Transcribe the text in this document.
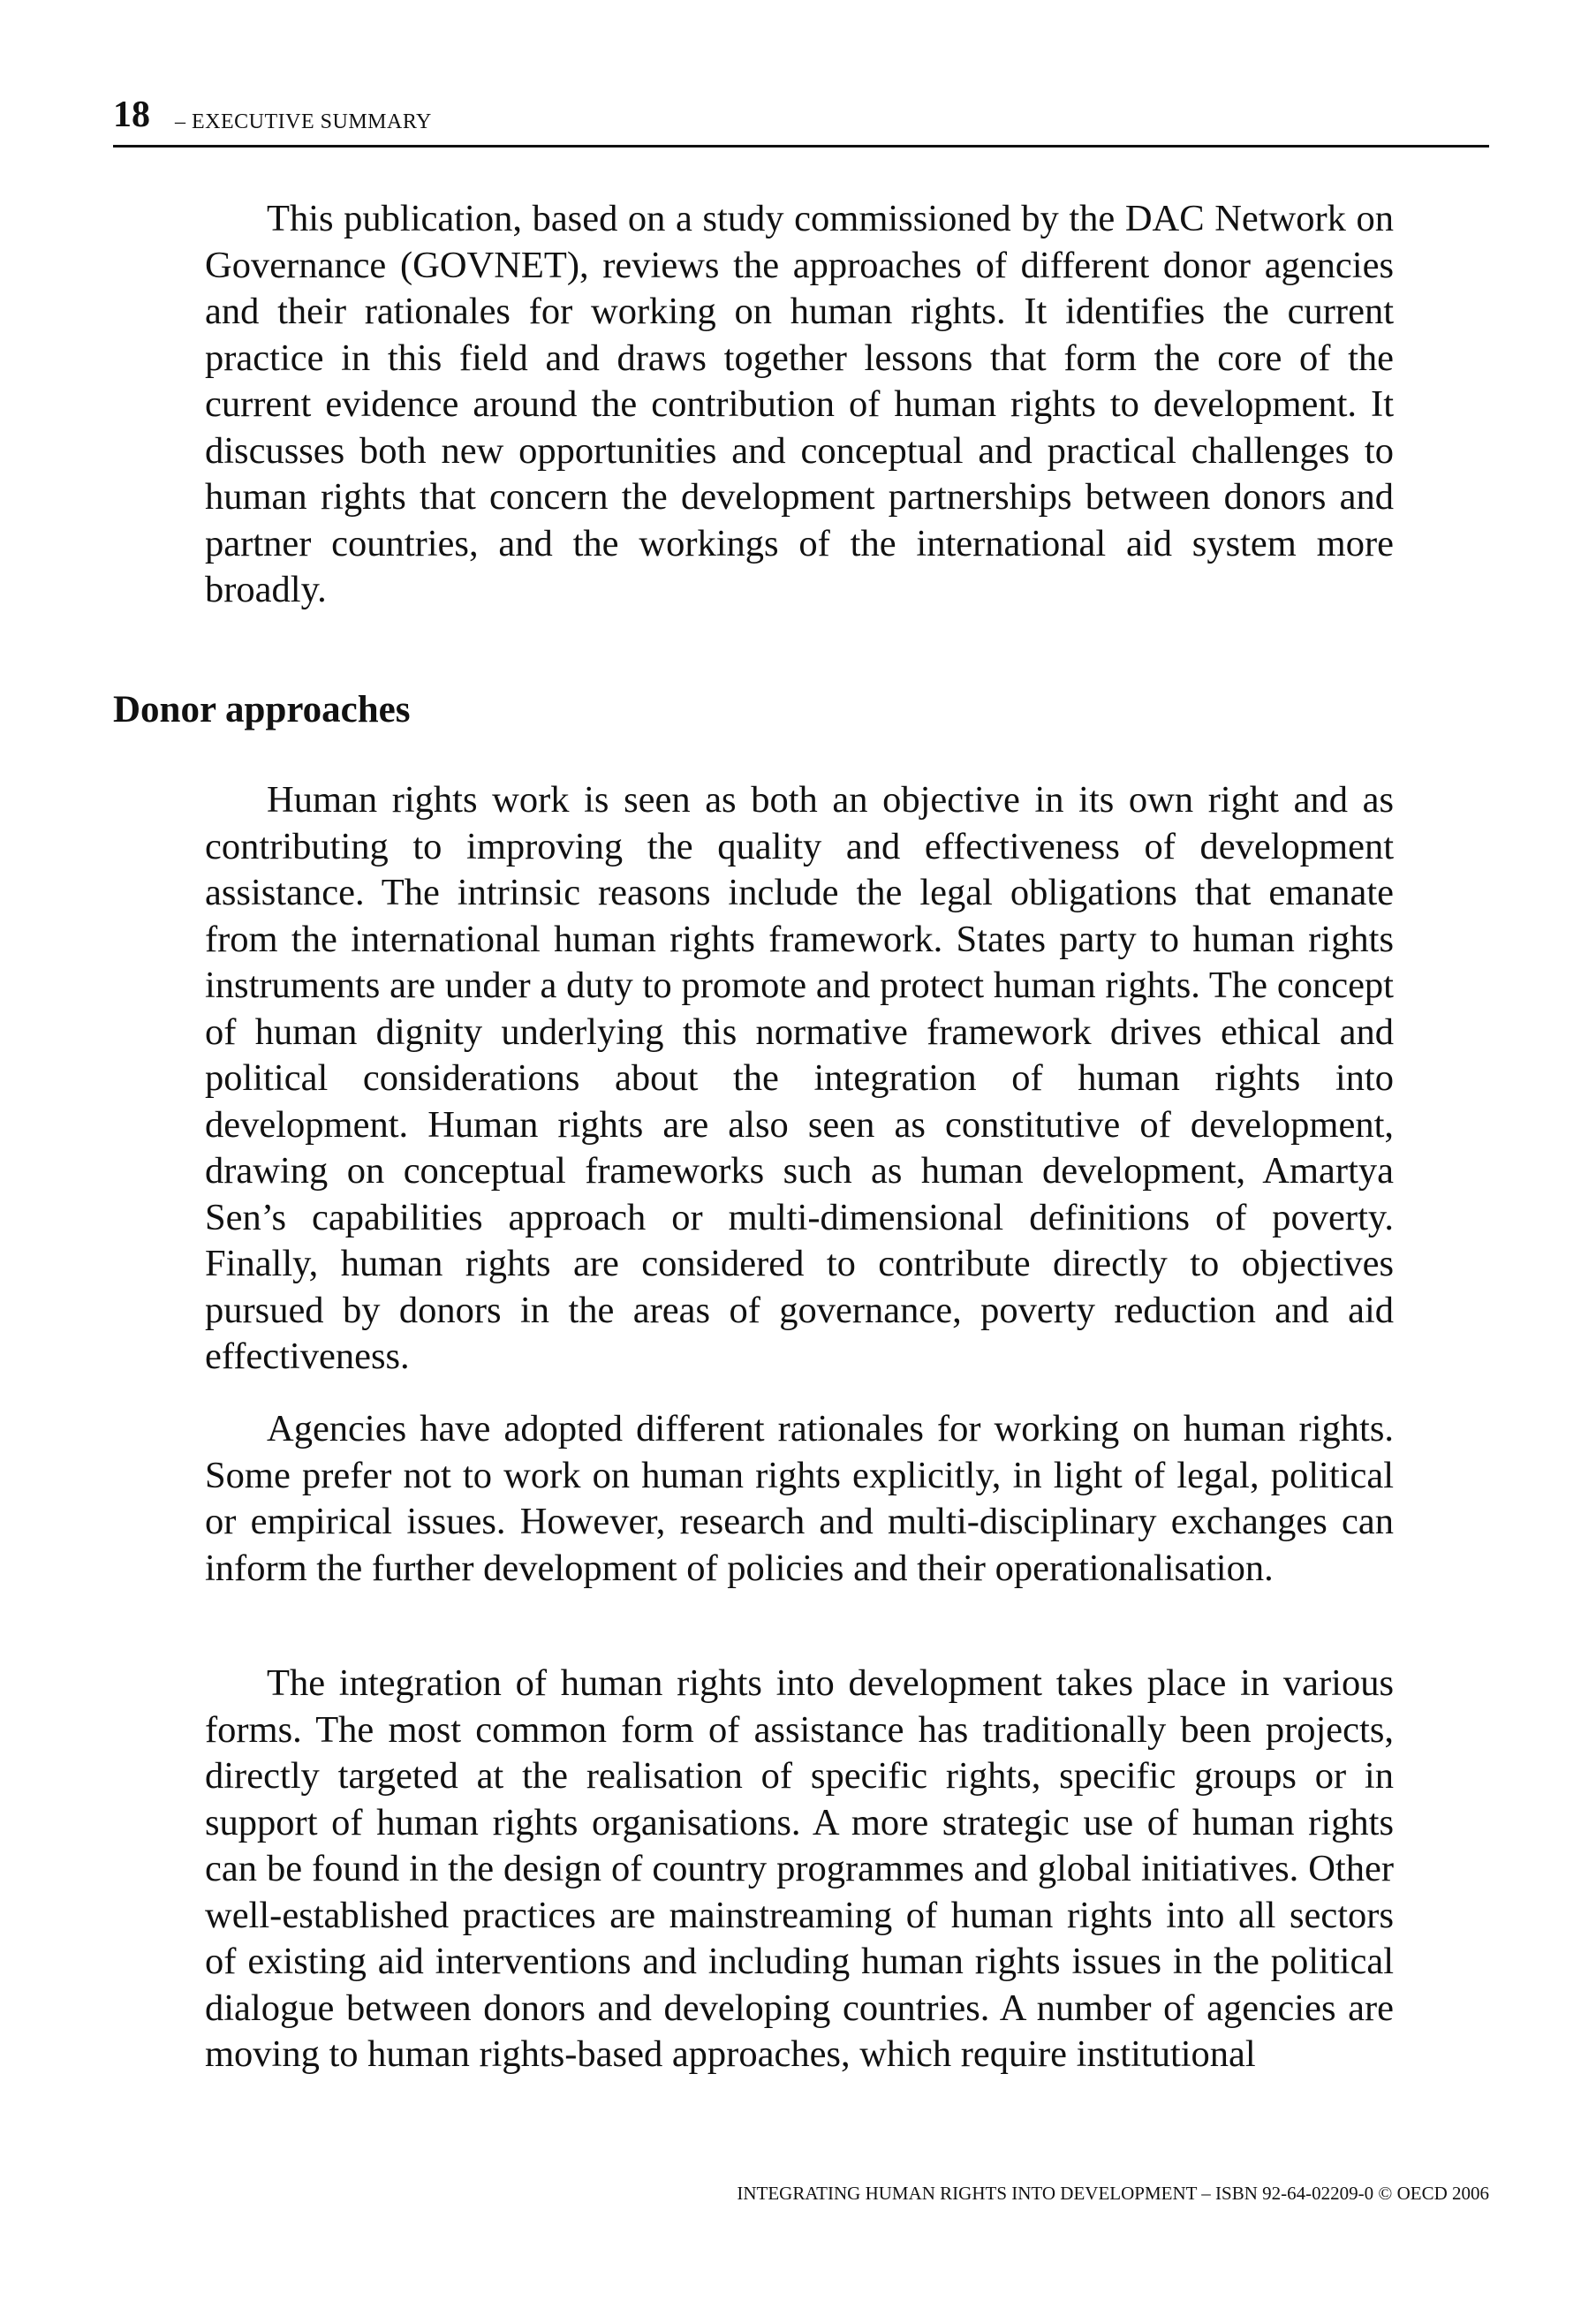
18 – EXECUTIVE SUMMARY

This publication, based on a study commissioned by the DAC Network on Governance (GOVNET), reviews the approaches of different donor agencies and their rationales for working on human rights. It identifies the current practice in this field and draws together lessons that form the core of the current evidence around the contribution of human rights to development. It discusses both new opportunities and conceptual and practical challenges to human rights that concern the development partnerships between donors and partner countries, and the workings of the international aid system more broadly.

Donor approaches

Human rights work is seen as both an objective in its own right and as contributing to improving the quality and effectiveness of development assistance. The intrinsic reasons include the legal obligations that emanate from the international human rights framework. States party to human rights instruments are under a duty to promote and protect human rights. The concept of human dignity underlying this normative framework drives ethical and political considerations about the integration of human rights into development. Human rights are also seen as constitutive of development, drawing on conceptual frameworks such as human development, Amartya Sen’s capabilities approach or multi-dimensional definitions of poverty. Finally, human rights are considered to contribute directly to objectives pursued by donors in the areas of governance, poverty reduction and aid effectiveness.

Agencies have adopted different rationales for working on human rights. Some prefer not to work on human rights explicitly, in light of legal, political or empirical issues. However, research and multi-disciplinary exchanges can inform the further development of policies and their operationalisation.

The integration of human rights into development takes place in various forms. The most common form of assistance has traditionally been projects, directly targeted at the realisation of specific rights, specific groups or in support of human rights organisations. A more strategic use of human rights can be found in the design of country programmes and global initiatives. Other well-established practices are mainstreaming of human rights into all sectors of existing aid interventions and including human rights issues in the political dialogue between donors and developing countries. A number of agencies are moving to human rights-based approaches, which require institutional

INTEGRATING HUMAN RIGHTS INTO DEVELOPMENT – ISBN 92-64-02209-0 © OECD 2006
